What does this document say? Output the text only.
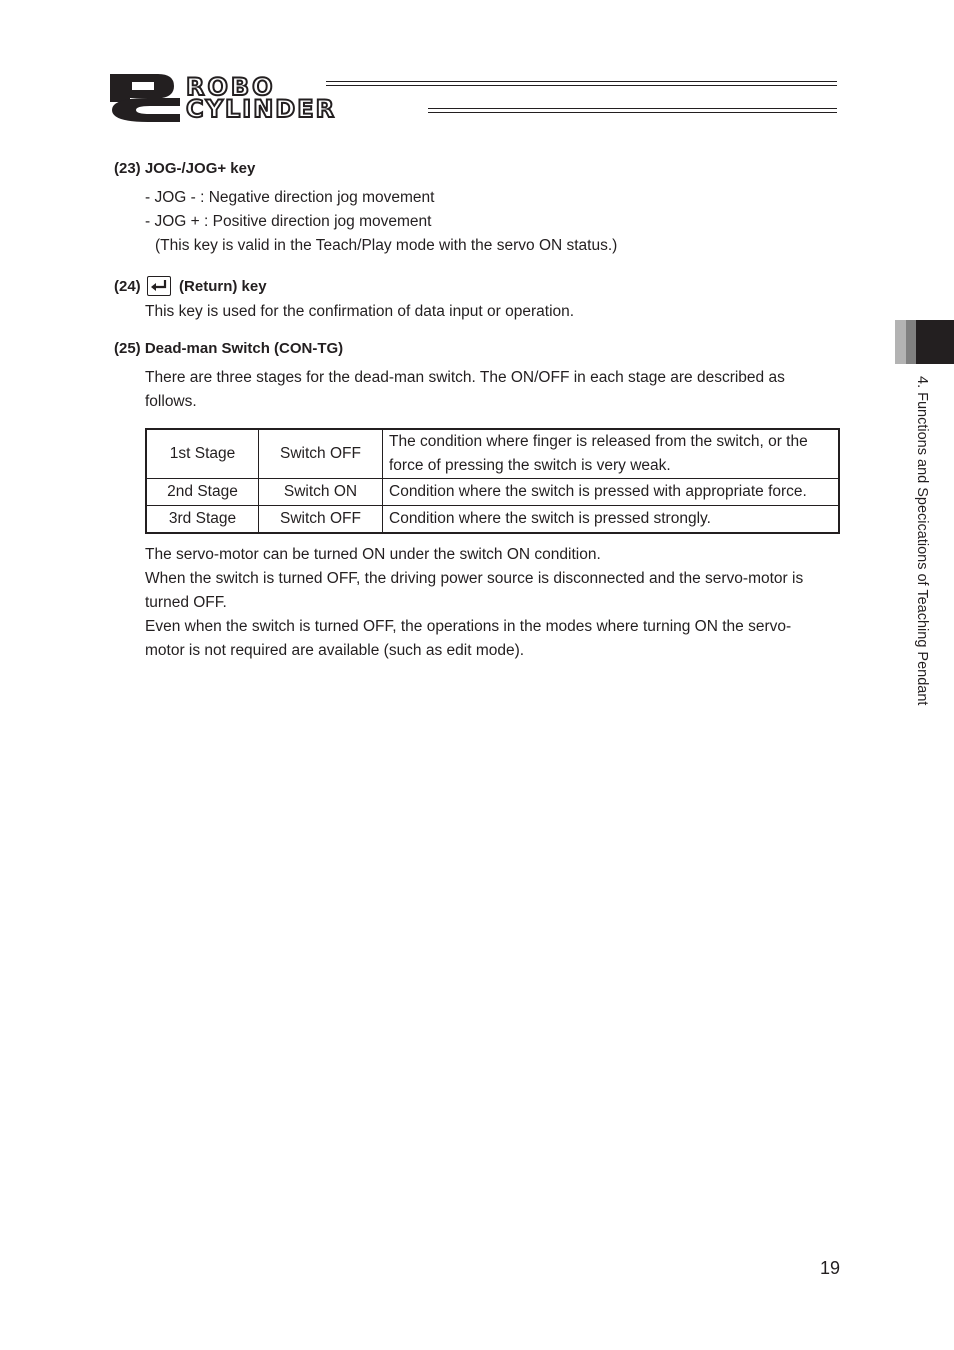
ROBO
CYLINDER
(23) JOG-/JOG+ key
- JOG - : Negative direction jog movement
- JOG + : Positive direction jog movement
(This key is valid in the Teach/Play mode with the servo ON status.)
(24)	(Return) key
This key is used for the confirmation of data input or operation.
(25) Dead-man Switch (CON-TG)
There are three stages for the dead-man switch. The ON/OFF in each stage are described as follows.
1st Stage	Switch OFF	The condition where finger is released from the switch, or the force of pressing the switch is very weak.
2nd Stage	Switch ON	Condition where the switch is pressed with appropriate force.
3rd Stage	Switch OFF	Condition where the switch is pressed strongly.
The servo-motor can be turned ON under the switch ON condition.
When the switch is turned OFF, the driving power source is disconnected and the servo-motor is turned OFF.
Even when the switch is turned OFF, the operations in the modes where turning ON the servo-motor is not required are available (such as edit mode).	4. Functions and Specications of Teaching Pendant
19
